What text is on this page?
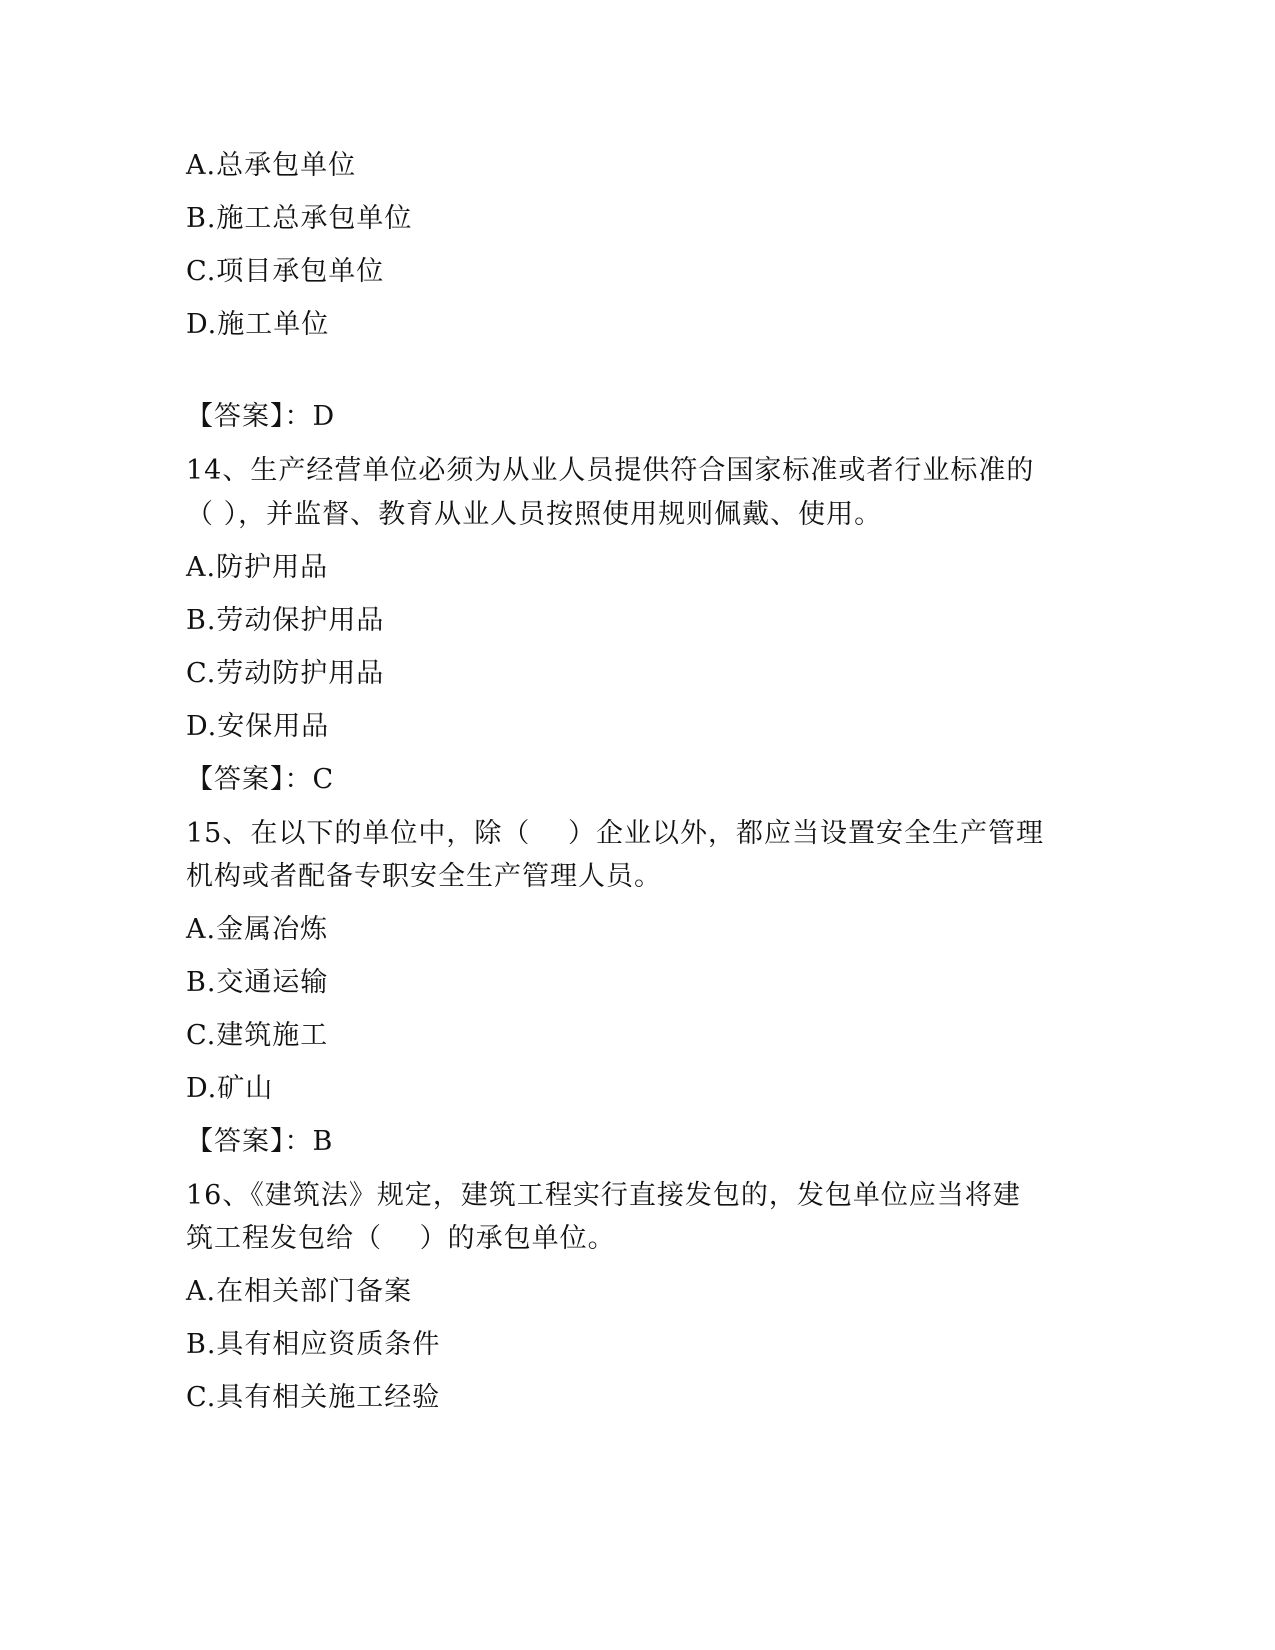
A.总承包单位
B.施工总承包单位
C.项目承包单位
D.施工单位
【答案】：D
14、生产经营单位必须为从业人员提供符合国家标准或者行业标准的
（ ），并监督、教育从业人员按照使用规则佩戴、使用。
A.防护用品
B.劳动保护用品
C.劳动防护用品
D.安保用品
【答案】：C
15、在以下的单位中，除（　 ）企业以外，都应当设置安全生产管理
机构或者配备专职安全生产管理人员。
A.金属冶炼
B.交通运输
C.建筑施工
D.矿山
【答案】：B
16、《建筑法》规定，建筑工程实行直接发包的，发包单位应当将建
筑工程发包给（　 ）的承包单位。
A.在相关部门备案
B.具有相应资质条件
C.具有相关施工经验
